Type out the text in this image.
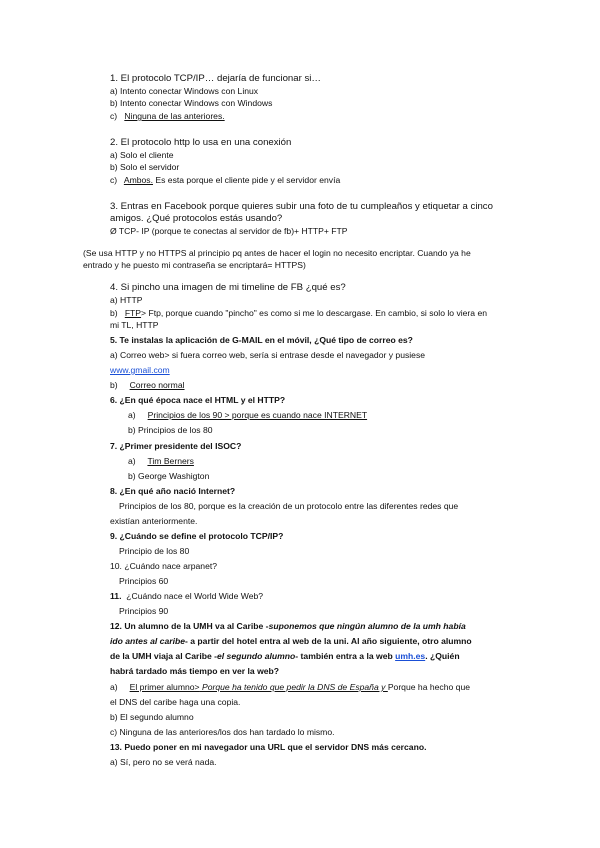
1. El protocolo TCP/IP… dejaría de funcionar si…
a) Intento conectar Windows con Linux
b) Intento conectar Windows con Windows
c)   Ninguna de las anteriores.
2. El protocolo http lo usa en una conexión
a) Solo el cliente
b) Solo el servidor
c)   Ambos. Es esta porque el cliente pide y el servidor envía
3. Entras en Facebook porque quieres subir una foto de tu cumpleaños y etiquetar a cinco
amigos. ¿Qué protocolos estás usando?
Ø TCP- IP (porque te conectas al servidor de fb)+ HTTP+ FTP
(Se usa HTTP y no HTTPS al principio pq antes de hacer el login no necesito encriptar. Cuando ya he
entrado y he puesto mi contraseña se encriptará= HTTPS)
4. Si pincho una imagen de mi timeline de FB ¿qué es?
a) HTTP
b)   FTP> Ftp, porque cuando "pincho" es como si me lo descargase. En cambio, si solo lo viera en
mi TL, HTTP
5. Te instalas la aplicación de G-MAIL en el móvil, ¿Qué tipo de correo es?
a) Correo web> si fuera correo web, sería si entrase desde el navegador y pusiese
www.gmail.com
b)     Correo normal
6. ¿En qué época nace el HTML y el HTTP?
a)     Principios de los 90 > porque es cuando nace INTERNET
b) Principios de los 80
7. ¿Primer presidente del ISOC?
a)     Tim Berners
b) George Washigton
8. ¿En qué año nació Internet?
Principios de los 80, porque es la creación de un protocolo entre las diferentes redes que
existían anteriormente.
9. ¿Cuándo se define el protocolo TCP/IP?
Principio de los 80
10. ¿Cuándo nace arpanet?
Principios 60
11.  ¿Cuándo nace el World Wide Web?
Principios 90
12. Un alumno de la UMH va al Caribe -suponemos que ningún alumno de la umh había
ido antes al caribe- a partir del hotel entra al web de la uni. Al año siguiente, otro alumno
de la UMH viaja al Caribe -el segundo alumno- también entra a la web umh.es. ¿Quién
habrá tardado más tiempo en ver la web?
a)     El primer alumno> Porque ha tenido que pedir la DNS de España y Porque ha hecho que
el DNS del caribe haga una copia.
b) El segundo alumno
c) Ninguna de las anteriores/los dos han tardado lo mismo.
13. Puedo poner en mi navegador una URL que el servidor DNS más cercano.
a) Sí, pero no se verá nada.
